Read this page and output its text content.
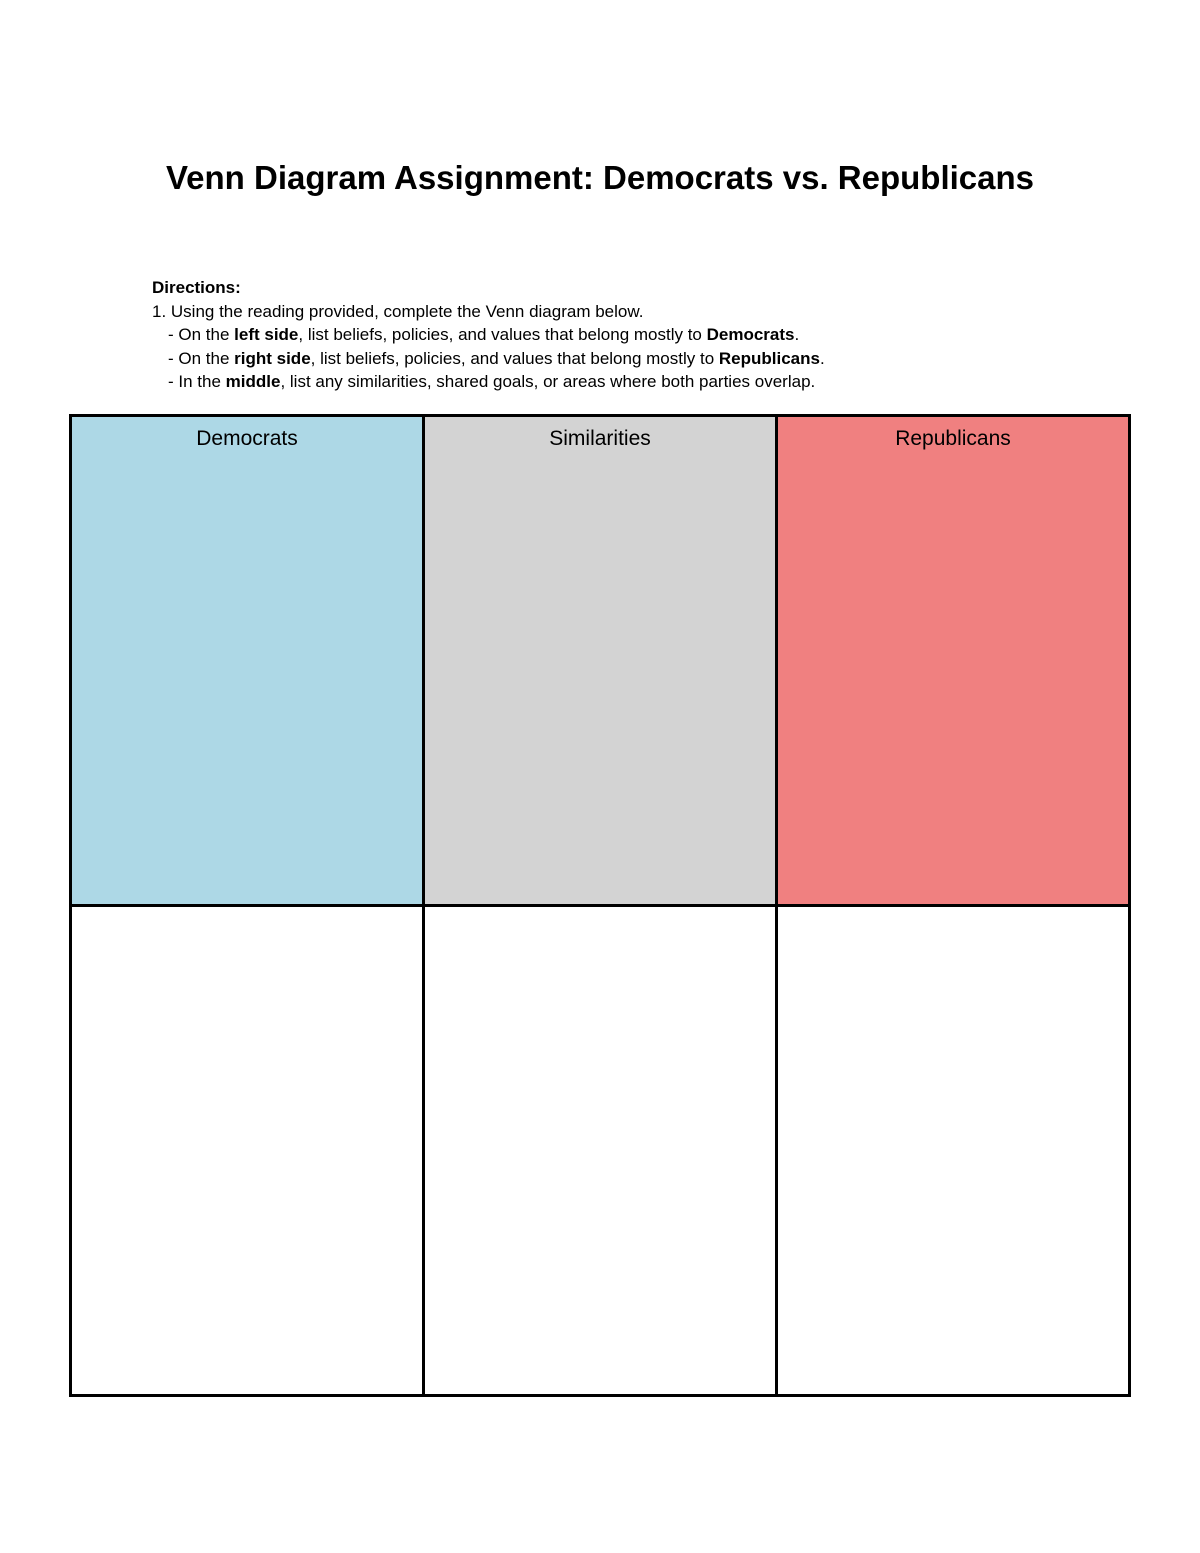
Venn Diagram Assignment: Democrats vs. Republicans
Directions:
1. Using the reading provided, complete the Venn diagram below.
- On the left side, list beliefs, policies, and values that belong mostly to Democrats.
- On the right side, list beliefs, policies, and values that belong mostly to Republicans.
- In the middle, list any similarities, shared goals, or areas where both parties overlap.
Democrats	Similarities	Republicans
